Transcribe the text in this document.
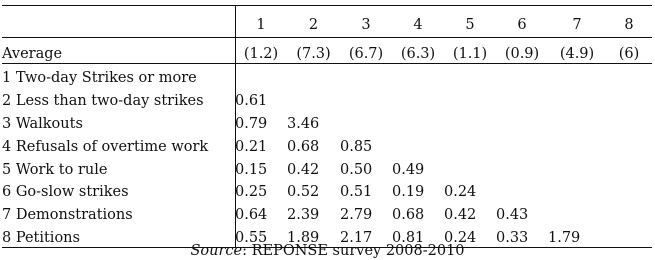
	1	2	3	4	5	6	7	8
Average	(1.2)	(7.3)	(6.7)	(6.3)	(1.1)	(0.9)	(4.9)	(6)
1 Two-day Strikes or more								
2 Less than two-day strikes	0.61							
3 Walkouts	0.79	3.46						
4 Refusals of overtime work	0.21	0.68	0.85					
5 Work to rule	0.15	0.42	0.50	0.49				
6 Go-slow strikes	0.25	0.52	0.51	0.19	0.24			
7 Demonstrations	0.64	2.39	2.79	0.68	0.42	0.43		
8 Petitions	0.55	1.89	2.17	0.81	0.24	0.33	1.79	
Source: REPONSE survey 2008-2010
